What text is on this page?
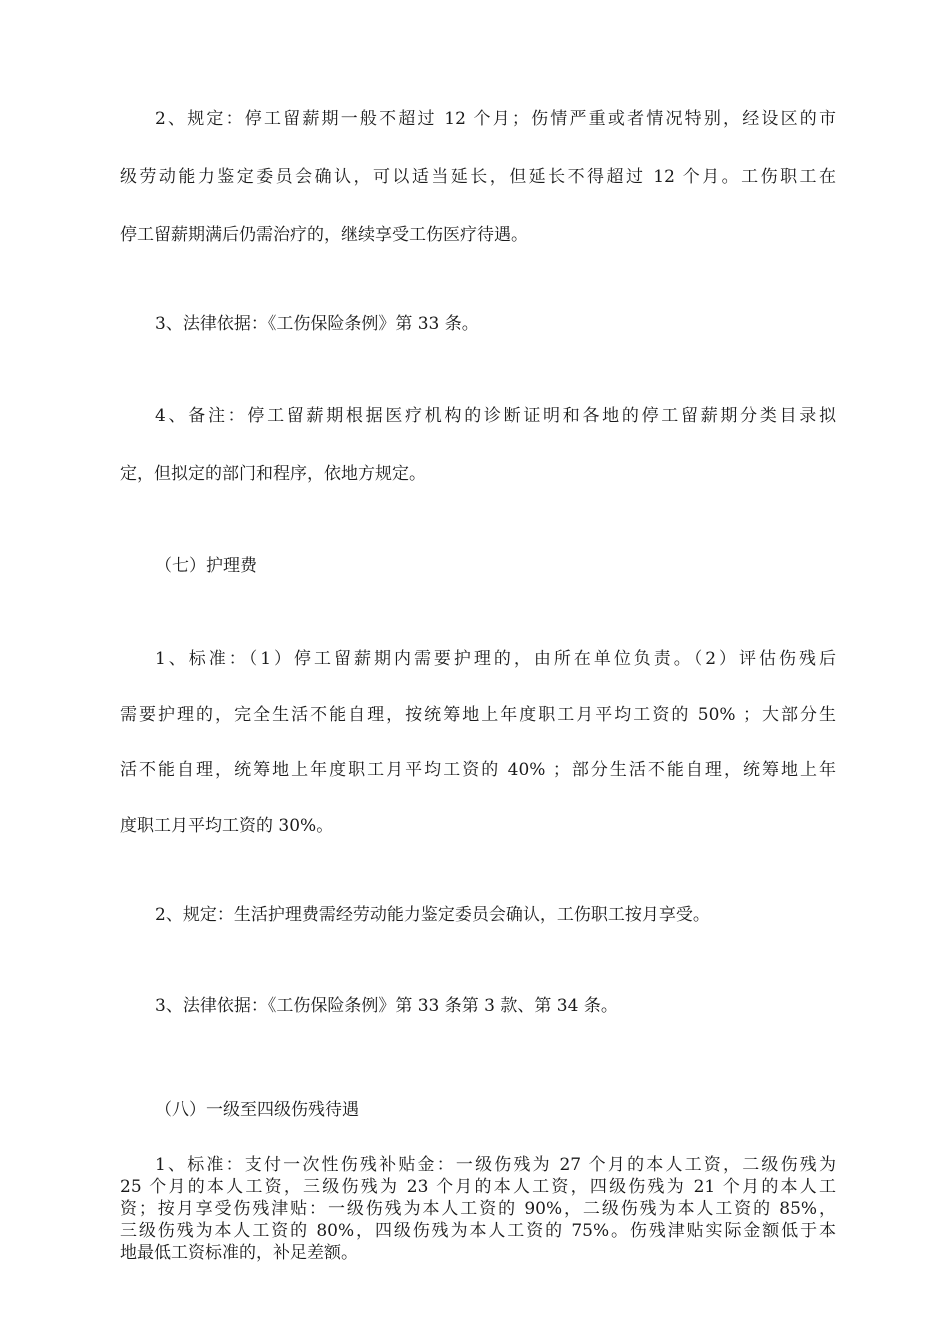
2、规定：停工留薪期一般不超过 12 个月；伤情严重或者情况特别，经设区的市
级劳动能力鉴定委员会确认，可以适当延长，但延长不得超过 12 个月。工伤职工在
停工留薪期满后仍需治疗的，继续享受工伤医疗待遇。
3、法律依据：《工伤保险条例》第 33 条。
4、备注：停工留薪期根据医疗机构的诊断证明和各地的停工留薪期分类目录拟
定，但拟定的部门和程序，依地方规定。
（七）护理费
1、标准：（1）停工留薪期内需要护理的，由所在单位负责。（2）评估伤残后
需要护理的，完全生活不能自理，按统筹地上年度职工月平均工资的 50% ；大部分生
活不能自理，统筹地上年度职工月平均工资的 40% ；部分生活不能自理，统筹地上年
度职工月平均工资的 30%。
2、规定：生活护理费需经劳动能力鉴定委员会确认，工伤职工按月享受。
3、法律依据：《工伤保险条例》第 33 条第 3 款、第 34 条。
（八）一级至四级伤残待遇
1、标准：支付一次性伤残补贴金：一级伤残为 27 个月的本人工资，二级伤残为
25 个月的本人工资，三级伤残为 23 个月的本人工资，四级伤残为 21 个月的本人工
资；按月享受伤残津贴：一级伤残为本人工资的 90%，二级伤残为本人工资的 85%，
三级伤残为本人工资的 80%，四级伤残为本人工资的 75%。伤残津贴实际金额低于本
地最低工资标准的，补足差额。
